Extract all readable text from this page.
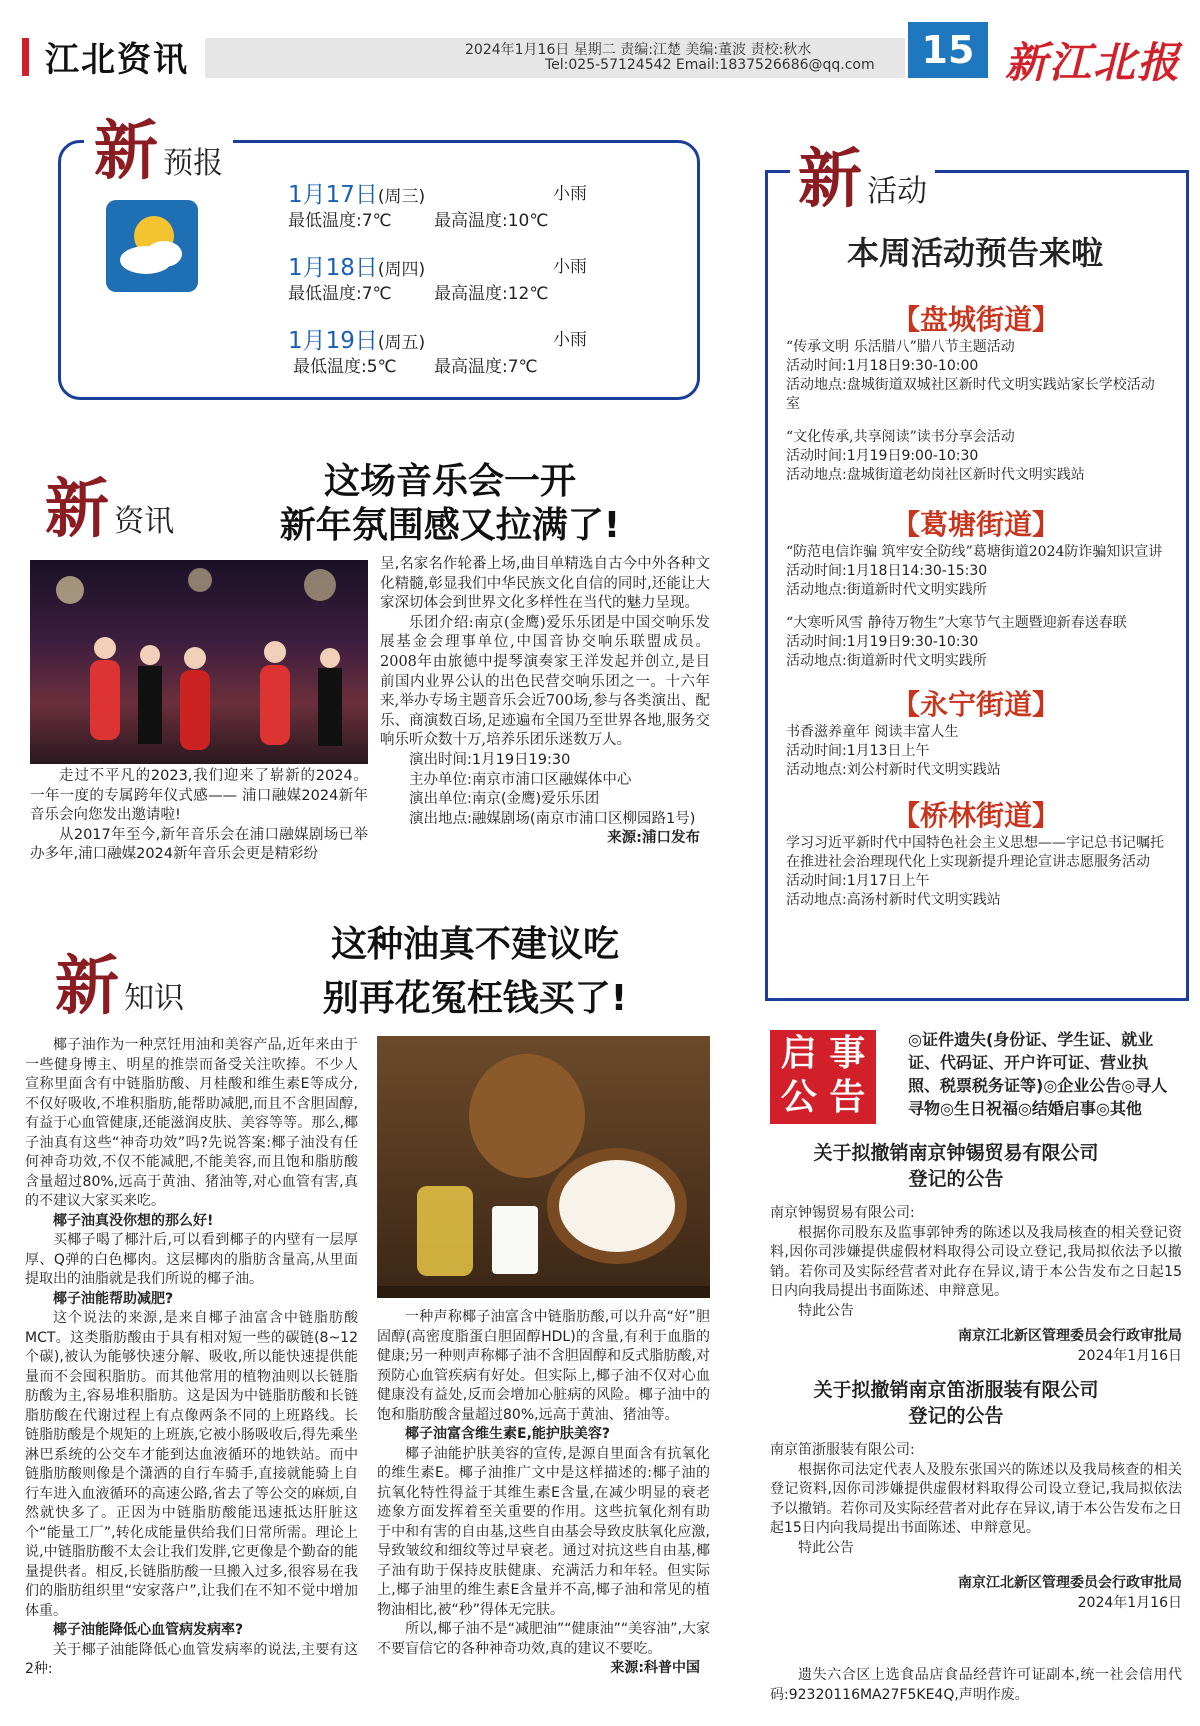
江北资讯	2024年1月16日 星期二 责编:江楚 美编:董波 责校:秋水
Tel:025-57124542 Email:1837526686@qq.com	15 新江北报
新 预报
1月17日(周三)	小雨
最低温度:7℃ 最高温度:10℃
1月18日(周四)	小雨
最低温度:7℃ 最高温度:12℃
1月19日(周五)	小雨
最低温度:5℃ 最高温度:7℃
新 资讯
这场音乐会一开
新年氛围感又拉满了!

走过不平凡的2023,我们迎来了崭新的2024。一年一度的专属跨年仪式感—— 浦口融媒2024新年音乐会向您发出邀请啦!

从2017年至今,新年音乐会在浦口融媒剧场已举办多年,浦口融媒2024新年音乐会更是精彩纷

呈,名家名作轮番上场,曲目单精选自古今中外各种文化精髓,彰显我们中华民族文化自信的同时,还能让大家深切体会到世界文化多样性在当代的魅力呈现。

乐团介绍:南京(金鹰)爱乐乐团是中国交响乐发展基金会理事单位,中国音协交响乐联盟成员。2008年由旅德中提琴演奏家王洋发起并创立,是目前国内业界公认的出色民营交响乐团之一。十六年来,举办专场主题音乐会近700场,参与各类演出、配乐、商演数百场,足迹遍布全国乃至世界各地,服务交响乐听众数十万,培养乐团乐迷数万人。

演出时间:1月19日19:30

主办单位:南京市浦口区融媒体中心

演出单位:南京(金鹰)爱乐乐团

演出地点:融媒剧场(南京市浦口区柳园路1号)

来源:浦口发布

新 知识
这种油真不建议吃
别再花冤枉钱买了!

椰子油作为一种烹饪用油和美容产品,近年来由于一些健身博主、明星的推崇而备受关注吹捧。不少人宣称里面含有中链脂肪酸、月桂酸和维生素E等成分,不仅好吸收,不堆积脂肪,能帮助减肥,而且不含胆固醇,有益于心血管健康,还能滋润皮肤、美容等等。那么,椰子油真有这些“神奇功效”吗?先说答案:椰子油没有任何神奇功效,不仅不能减肥,不能美容,而且饱和脂肪酸含量超过80%,远高于黄油、猪油等,对心血管有害,真的不建议大家买来吃。

椰子油真没你想的那么好!

买椰子喝了椰汁后,可以看到椰子的内壁有一层厚厚、Q弹的白色椰肉。这层椰肉的脂肪含量高,从里面提取出的油脂就是我们所说的椰子油。

椰子油能帮助减肥?

这个说法的来源,是来自椰子油富含中链脂肪酸MCT。这类脂肪酸由于具有相对短一些的碳链(8~12个碳),被认为能够快速分解、吸收,所以能快速提供能量而不会囤积脂肪。而其他常用的植物油则以长链脂肪酸为主,容易堆积脂肪。这是因为中链脂肪酸和长链脂肪酸在代谢过程上有点像两条不同的上班路线。长链脂肪酸是个规矩的上班族,它被小肠吸收后,得先乘坐淋巴系统的公交车才能到达血液循环的地铁站。而中链脂肪酸则像是个潇洒的自行车骑手,直接就能骑上自行车进入血液循环的高速公路,省去了等公交的麻烦,自然就快多了。正因为中链脂肪酸能迅速抵达肝脏这个“能量工厂”,转化成能量供给我们日常所需。理论上说,中链脂肪酸不太会让我们发胖,它更像是个勤奋的能量提供者。相反,长链脂肪酸一旦搬入过多,很容易在我们的脂肪组织里“安家落户”,让我们在不知不觉中增加体重。

椰子油能降低心血管病发病率?

关于椰子油能降低心血管发病率的说法,主要有这2种:

一种声称椰子油富含中链脂肪酸,可以升高“好”胆固醇(高密度脂蛋白胆固醇HDL)的含量,有利于血脂的健康;另一种则声称椰子油不含胆固醇和反式脂肪酸,对预防心血管疾病有好处。但实际上,椰子油不仅对心血健康没有益处,反而会增加心脏病的风险。椰子油中的饱和脂肪酸含量超过80%,远高于黄油、猪油等。

椰子油富含维生素E,能护肤美容?

椰子油能护肤美容的宣传,是源自里面含有抗氧化的维生素E。椰子油推广文中是这样描述的:椰子油的抗氧化特性得益于其维生素E含量,在减少明显的衰老迹象方面发挥着至关重要的作用。这些抗氧化剂有助于中和有害的自由基,这些自由基会导致皮肤氧化应激,导致皱纹和细纹等过早衰老。通过对抗这些自由基,椰子油有助于保持皮肤健康、充满活力和年轻。但实际上,椰子油里的维生素E含量并不高,椰子油和常见的植物油相比,被“秒”得体无完肤。

所以,椰子油不是“减肥油”“健康油”“美容油”,大家不要盲信它的各种神奇功效,真的建议不要吃。

来源:科普中国

新 活动
本周活动预告来啦
【盘城街道】
“传承文明 乐活腊八”腊八节主题活动
活动时间:1月18日9:30-10:00
活动地点:盘城街道双城社区新时代文明实践站家长学校活动室
“文化传承,共享阅读”读书分享会活动
活动时间:1月19日9:00-10:30
活动地点:盘城街道老幼岗社区新时代文明实践站
【葛塘街道】
“防范电信诈骗 筑牢安全防线”葛塘街道2024防诈骗知识宣讲
活动时间:1月18日14:30-15:30
活动地点:街道新时代文明实践所
“大寒听风雪 静待万物生”大寒节气主题暨迎新春送春联
活动时间:1月19日9:30-10:30
活动地点:街道新时代文明实践所
【永宁街道】
书香滋养童年 阅读丰富人生
活动时间:1月13日上午
活动地点:刘公村新时代文明实践站
【桥林街道】
学习习近平新时代中国特色社会主义思想——宇记总书记嘱托在推进社会治理现代化上实现新提升理论宣讲志愿服务活动
活动时间:1月17日上午
活动地点:高汤村新时代文明实践站
启 事
公 告
◎证件遗失(身份证、学生证、就业证、代码证、开户许可证、营业执照、税票税务证等)◎企业公告◎寻人寻物◎生日祝福◎结婚启事◎其他
关于拟撤销南京钟锡贸易有限公司
登记的公告

南京钟锡贸易有限公司:

根据你司股东及监事郭钟秀的陈述以及我局核查的相关登记资料,因你司涉嫌提供虚假材料取得公司设立登记,我局拟依法予以撤销。若你司及实际经营者对此存在异议,请于本公告发布之日起15日内向我局提出书面陈述、申辩意见。

特此公告

南京江北新区管理委员会行政审批局

2024年1月16日

关于拟撤销南京笛浙服装有限公司
登记的公告

南京笛浙服装有限公司:

根据你司法定代表人及股东张国兴的陈述以及我局核查的相关登记资料,因你司涉嫌提供虚假材料取得公司设立登记,我局拟依法予以撤销。若你司及实际经营者对此存在异议,请于本公告发布之日起15日内向我局提出书面陈述、申辩意见。

特此公告

南京江北新区管理委员会行政审批局

2024年1月16日

遗失六合区上选食品店食品经营许可证副本,统一社会信用代码:92320116MA27F5KE4Q,声明作废。
